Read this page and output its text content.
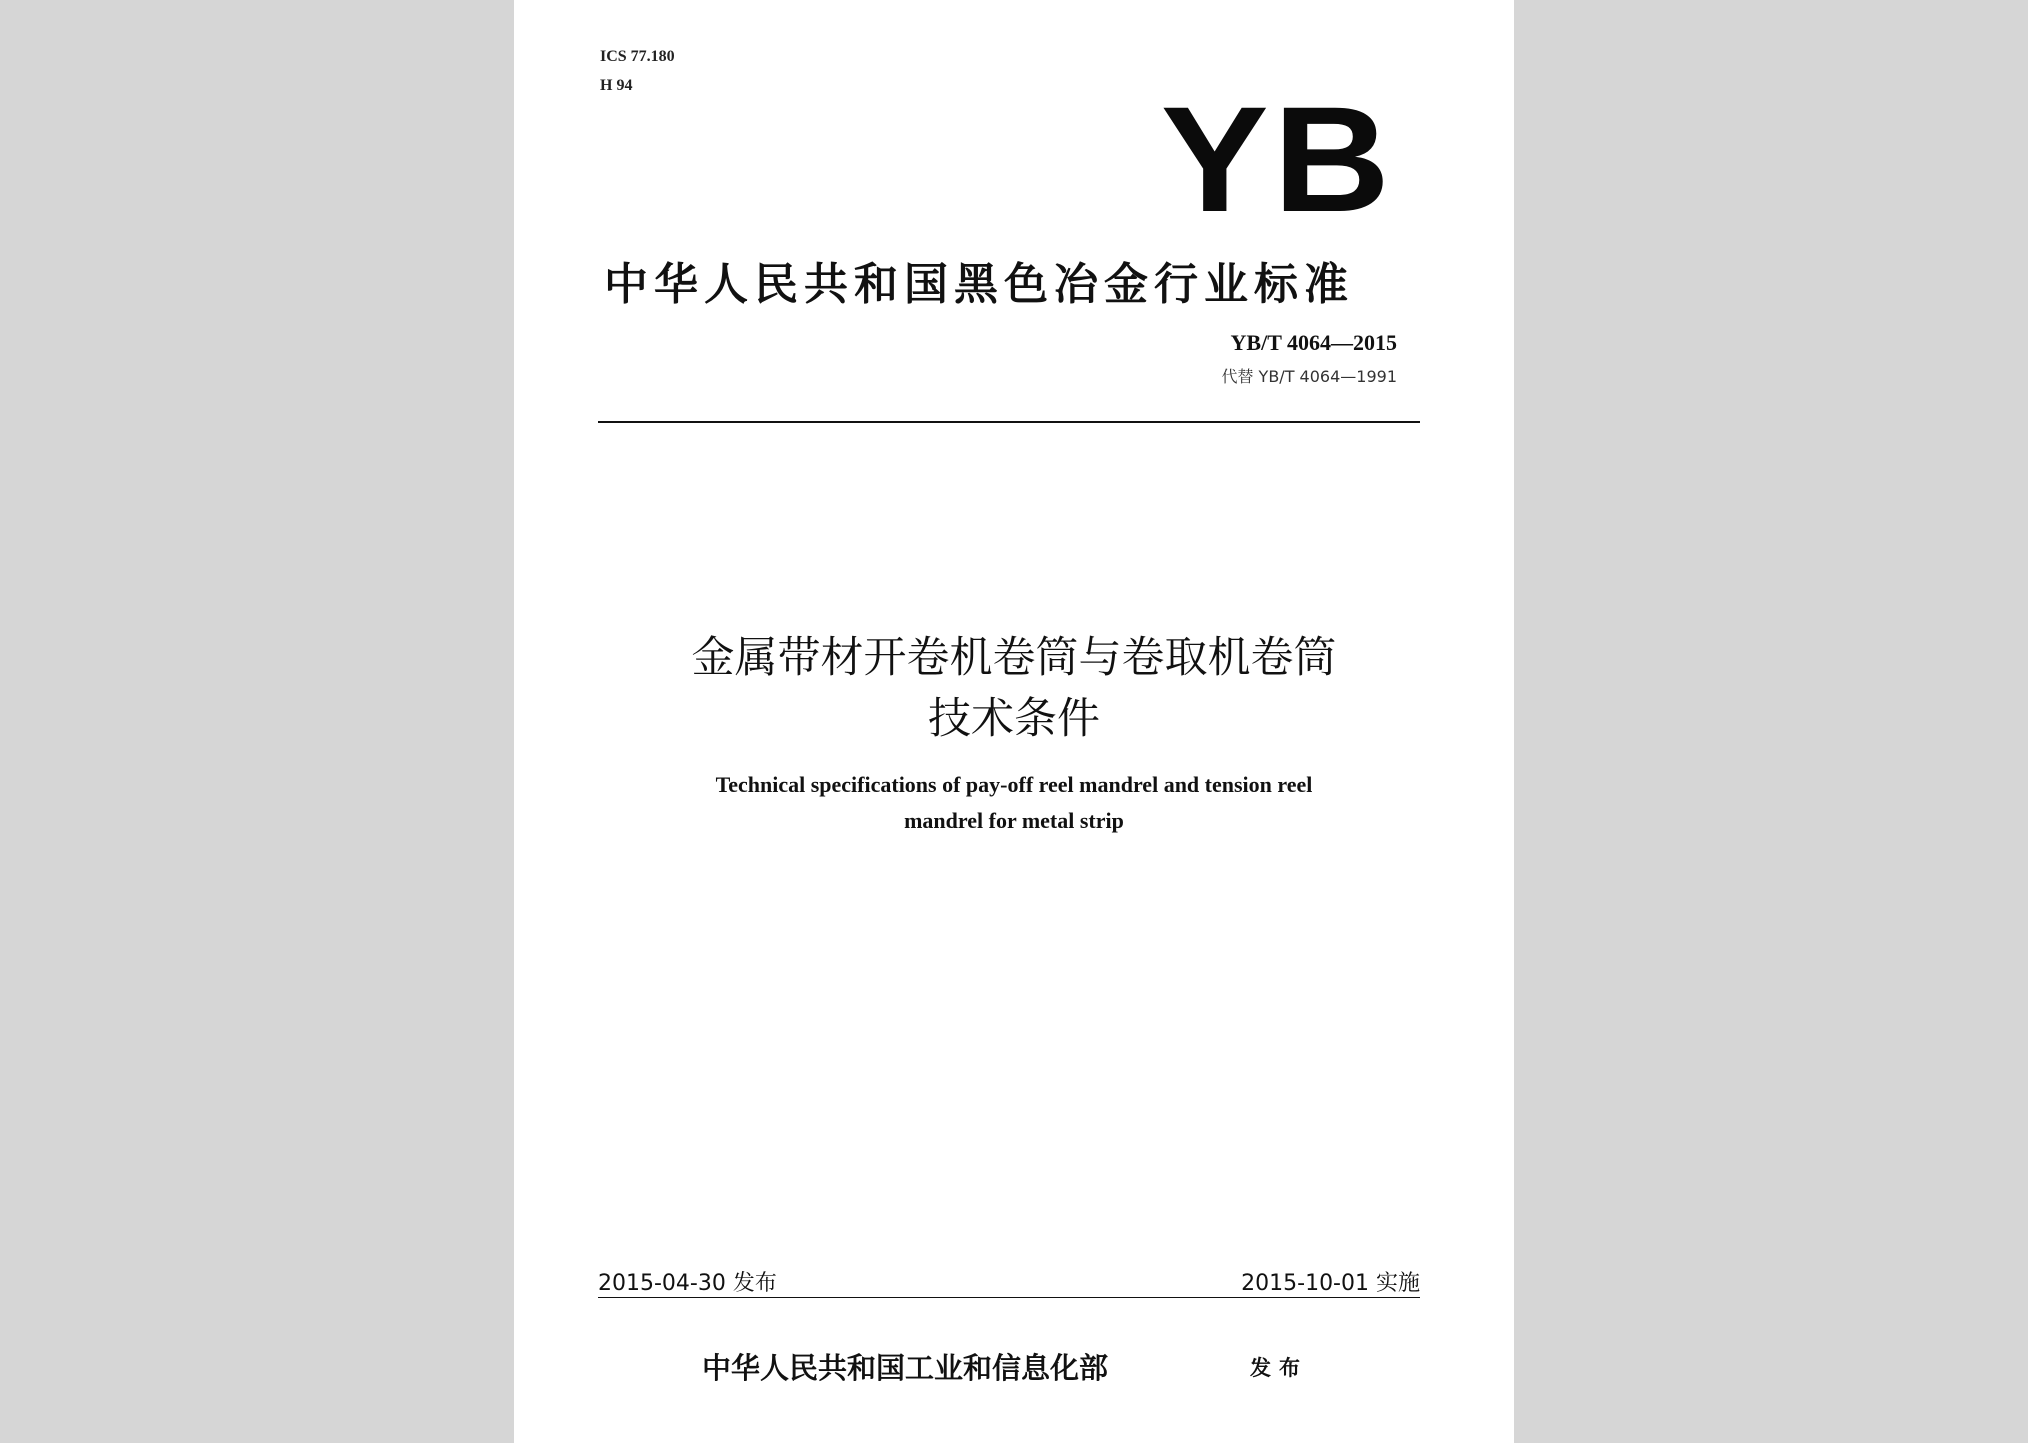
ICS 77.180
H 94	YB
中华人民共和国黑色冶金行业标准
YB/T 4064—2015
代替 YB/T 4064—1991
金属带材开卷机卷筒与卷取机卷筒
技术条件
Technical specifications of pay-off reel mandrel and tension reel
mandrel for metal strip
2015-04-30 发布	2015-10-01 实施
中华人民共和国工业和信息化部	发布
